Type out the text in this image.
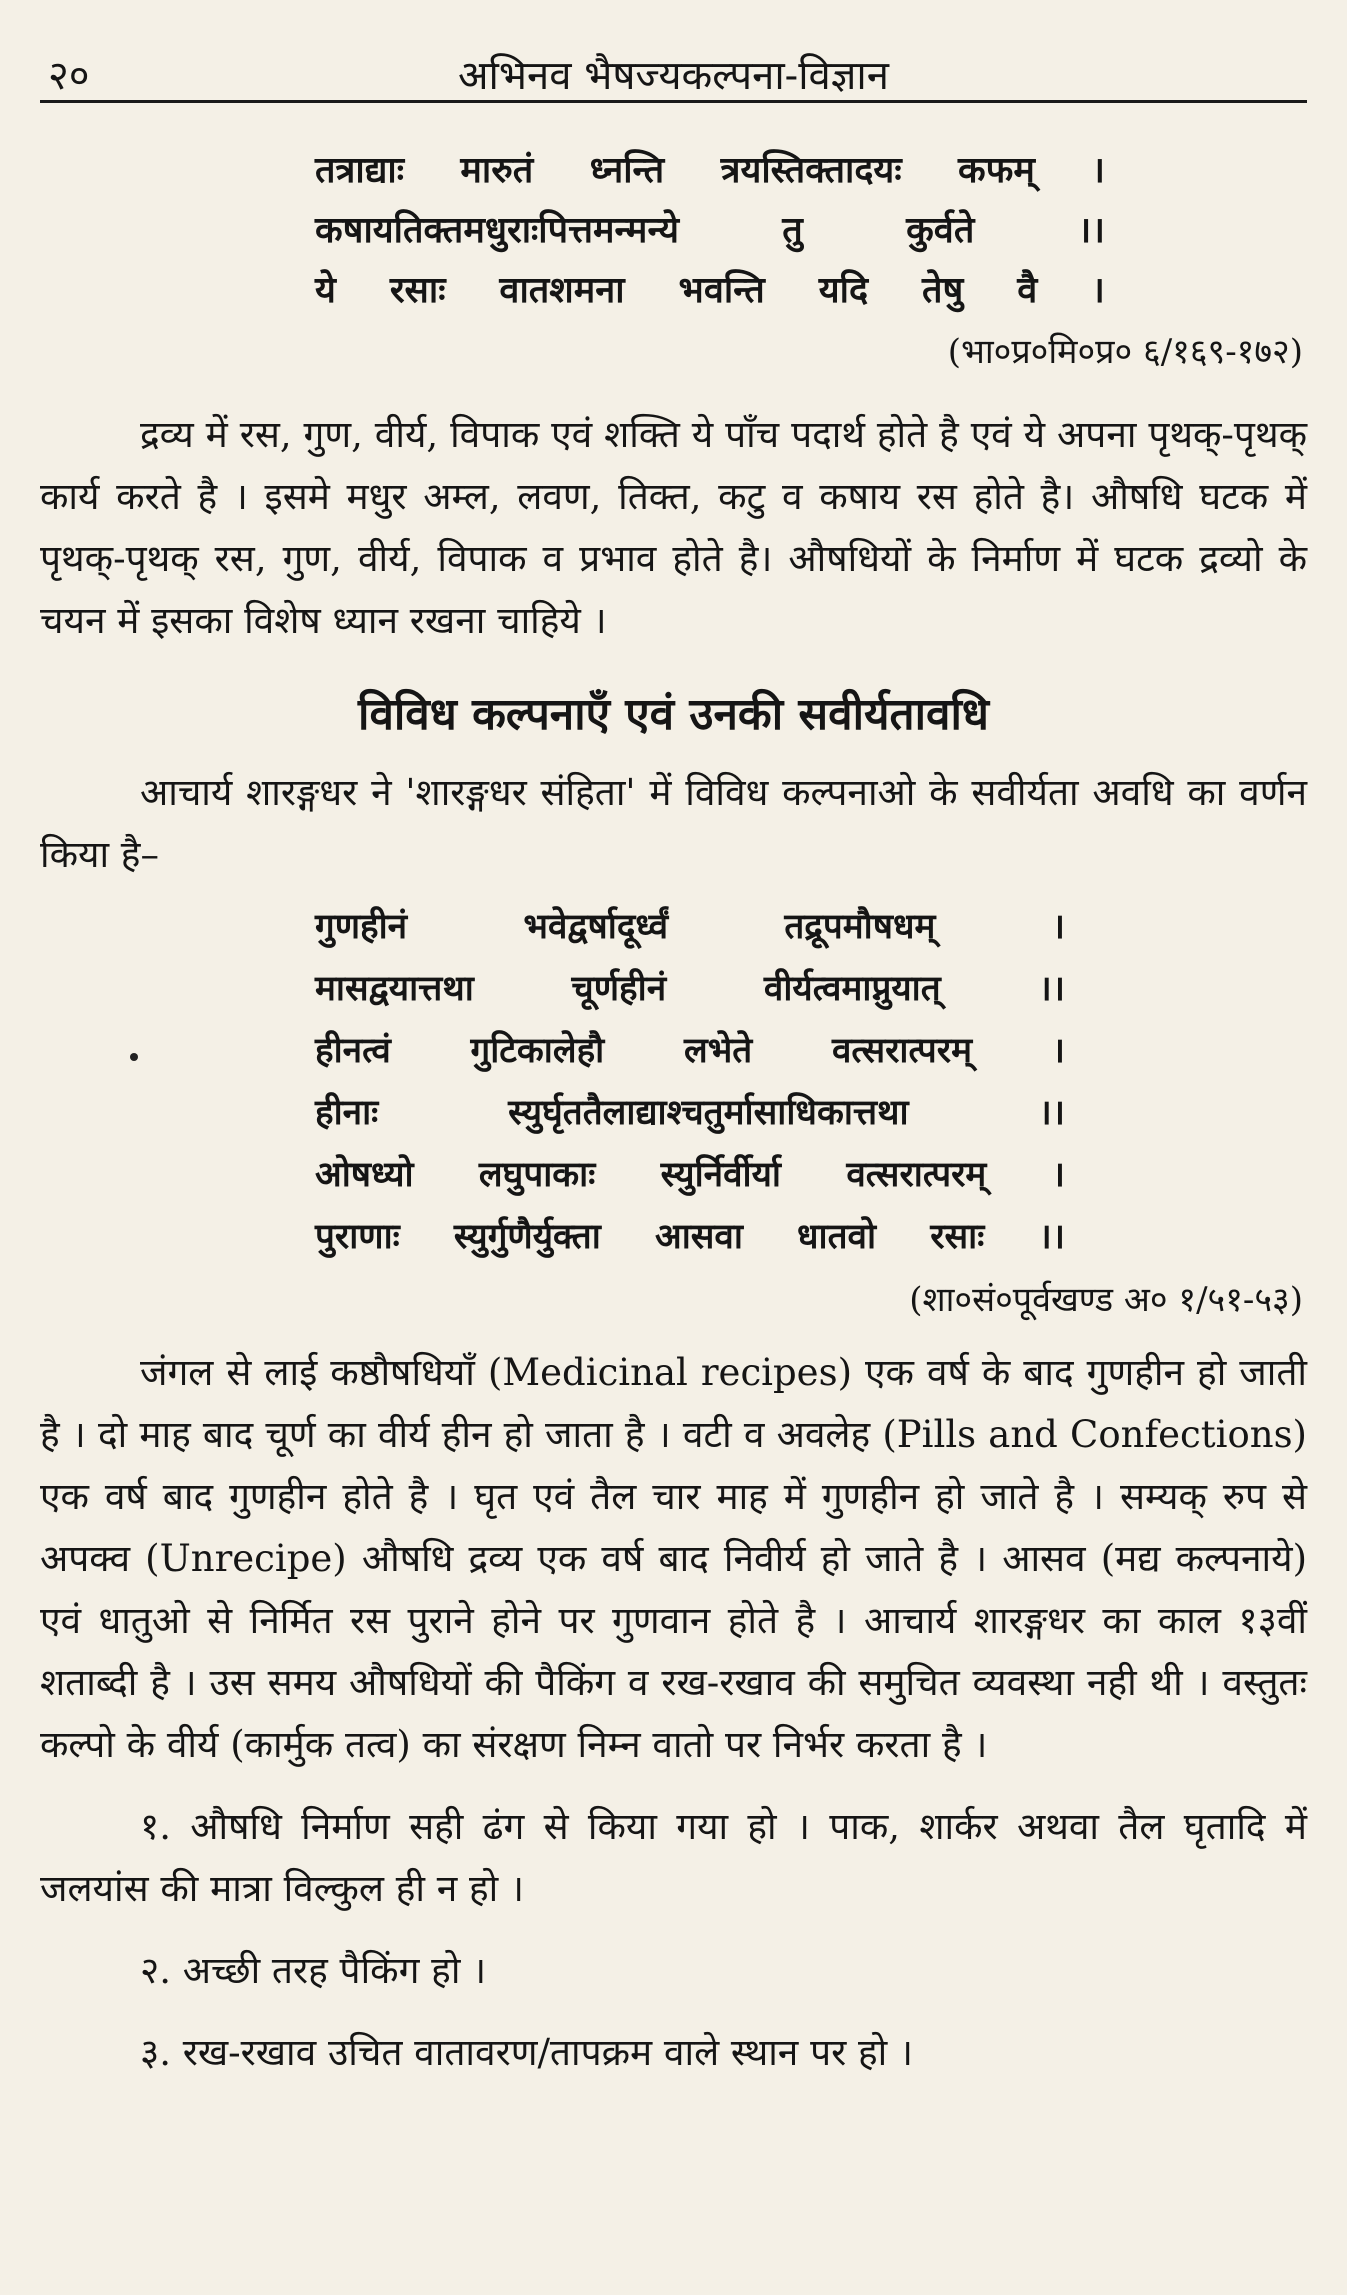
२०	अभिनव भैषज्यकल्पना-विज्ञान
तत्राद्याः मारुतं ध्नन्ति त्रयस्तिक्तादयः कफम् ।
कषायतिक्तमधुराःपित्तमन्मन्ये	तु	कुर्वते	।।
ये रसाः वातशमना भवन्ति यदि तेषु वै ।
(भा०प्र०मि०प्र० ६/१६९-१७२)

द्रव्य में रस, गुण, वीर्य, विपाक एवं शक्ति ये पाँच पदार्थ होते है एवं ये अपना पृथक्-पृथक् कार्य करते है । इसमे मधुर अम्ल, लवण, तिक्त, कटु व कषाय रस होते है। औषधि घटक में पृथक्-पृथक् रस, गुण, वीर्य, विपाक व प्रभाव होते है। औषधियों के निर्माण में घटक द्रव्यो के चयन में इसका विशेष ध्यान रखना चाहिये ।

विविध कल्पनाएँ एवं उनकी सवीर्यतावधि

आचार्य शारङ्गधर ने 'शारङ्गधर संहिता' में विविध कल्पनाओ के सवीर्यता अवधि का वर्णन किया है–

गुणहीनं	भवेद्वर्षादूर्ध्वं	तद्रूपमौषधम्	।
मासद्वयात्तथा	चूर्णहीनं	वीर्यत्वमाप्नुयात्	।।
हीनत्वं गुटिकालेहौ लभेते वत्सरात्परम् ।
हीनाः	स्युर्घृततैलाद्याश्चतुर्मासाधिकात्तथा	।।
ओषध्यो लघुपाकाः स्युर्निर्वीर्या वत्सरात्परम् ।
पुराणाः स्युर्गुणैर्युक्ता आसवा धातवो रसाः ।।
(शा०सं०पूर्वखण्ड अ० १/५१-५३)

जंगल से लाई कष्ठौषधियाँ (Medicinal recipes) एक वर्ष के बाद गुणहीन हो जाती है । दो माह बाद चूर्ण का वीर्य हीन हो जाता है । वटी व अवलेह (Pills and Confections) एक वर्ष बाद गुणहीन होते है । घृत एवं तैल चार माह में गुणहीन हो जाते है । सम्यक् रुप से अपक्व (Unrecipe) औषधि द्रव्य एक वर्ष बाद निवीर्य हो जाते है । आसव (मद्य कल्पनाये) एवं धातुओ से निर्मित रस पुराने होने पर गुणवान होते है । आचार्य शारङ्गधर का काल १३वीं शताब्दी है । उस समय औषधियों की पैकिंग व रख-रखाव की समुचित व्यवस्था नही थी । वस्तुतः कल्पो के वीर्य (कार्मुक तत्व) का संरक्षण निम्न वातो पर निर्भर करता है ।

१. औषधि निर्माण सही ढंग से किया गया हो । पाक, शार्कर अथवा तैल घृतादि में जलयांस की मात्रा विल्कुल ही न हो ।
२. अच्छी तरह पैकिंग हो ।
३. रख-रखाव उचित वातावरण/तापक्रम वाले स्थान पर हो ।
